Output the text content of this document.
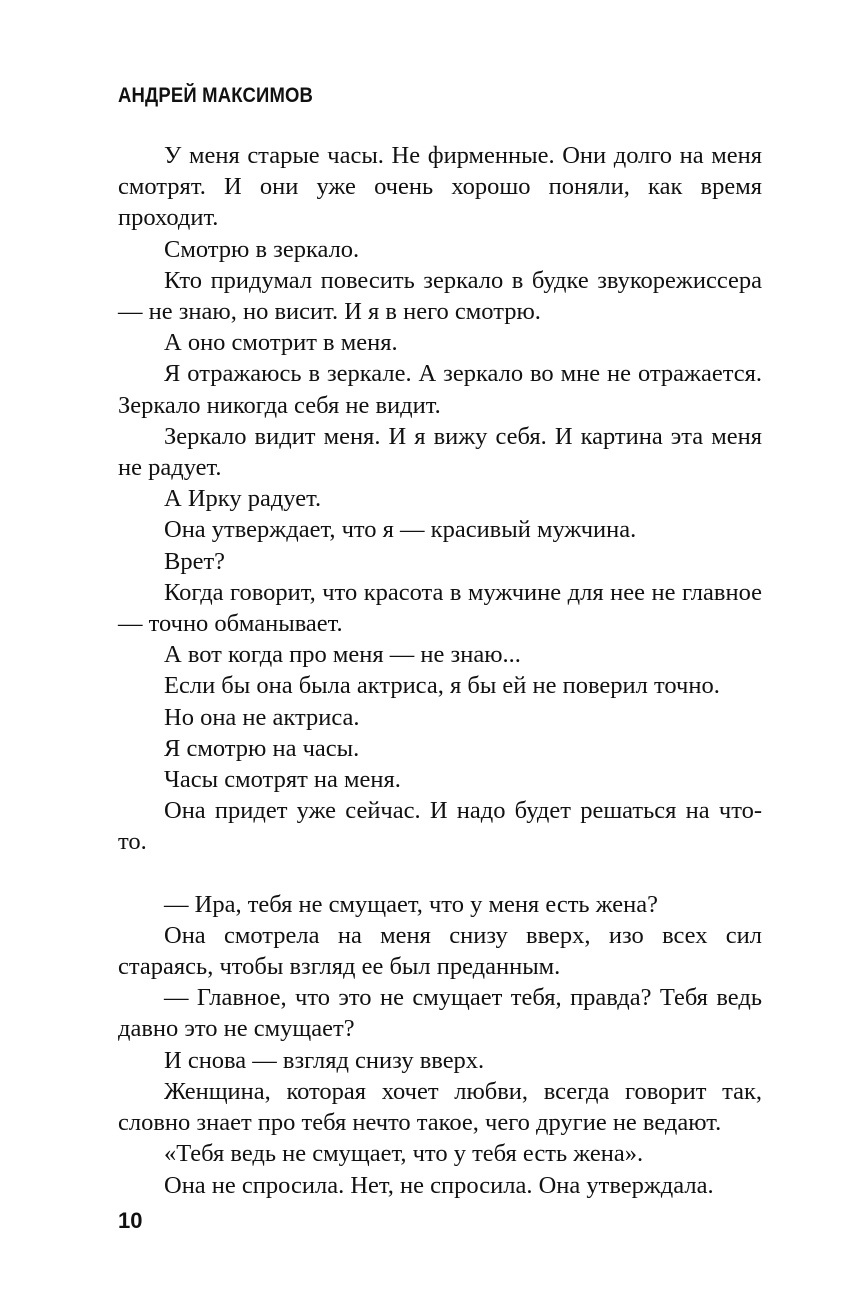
АНДРЕЙ МАКСИМОВ

У меня старые часы. Не фирменные. Они долго на меня смотрят. И они уже очень хорошо поняли, как время проходит.

Смотрю в зеркало.

Кто придумал повесить зеркало в будке звукорежиссера — не знаю, но висит. И я в него смотрю.

А оно смотрит в меня.

Я отражаюсь в зеркале. А зеркало во мне не отражается. Зеркало никогда себя не видит.

Зеркало видит меня. И я вижу себя. И картина эта меня не радует.

А Ирку радует.

Она утверждает, что я — красивый мужчина.

Врет?

Когда говорит, что красота в мужчине для нее не главное — точно обманывает.

А вот когда про меня — не знаю...

Если бы она была актриса, я бы ей не поверил точно.

Но она не актриса.

Я смотрю на часы.

Часы смотрят на меня.

Она придет уже сейчас. И надо будет решаться на что-то.

— Ира, тебя не смущает, что у меня есть жена?

Она смотрела на меня снизу вверх, изо всех сил стараясь, чтобы взгляд ее был преданным.

— Главное, что это не смущает тебя, правда? Тебя ведь давно это не смущает?

И снова — взгляд снизу вверх.

Женщина, которая хочет любви, всегда говорит так, словно знает про тебя нечто такое, чего другие не ведают.

«Тебя ведь не смущает, что у тебя есть жена».

Она не спросила. Нет, не спросила. Она утверждала.

10
